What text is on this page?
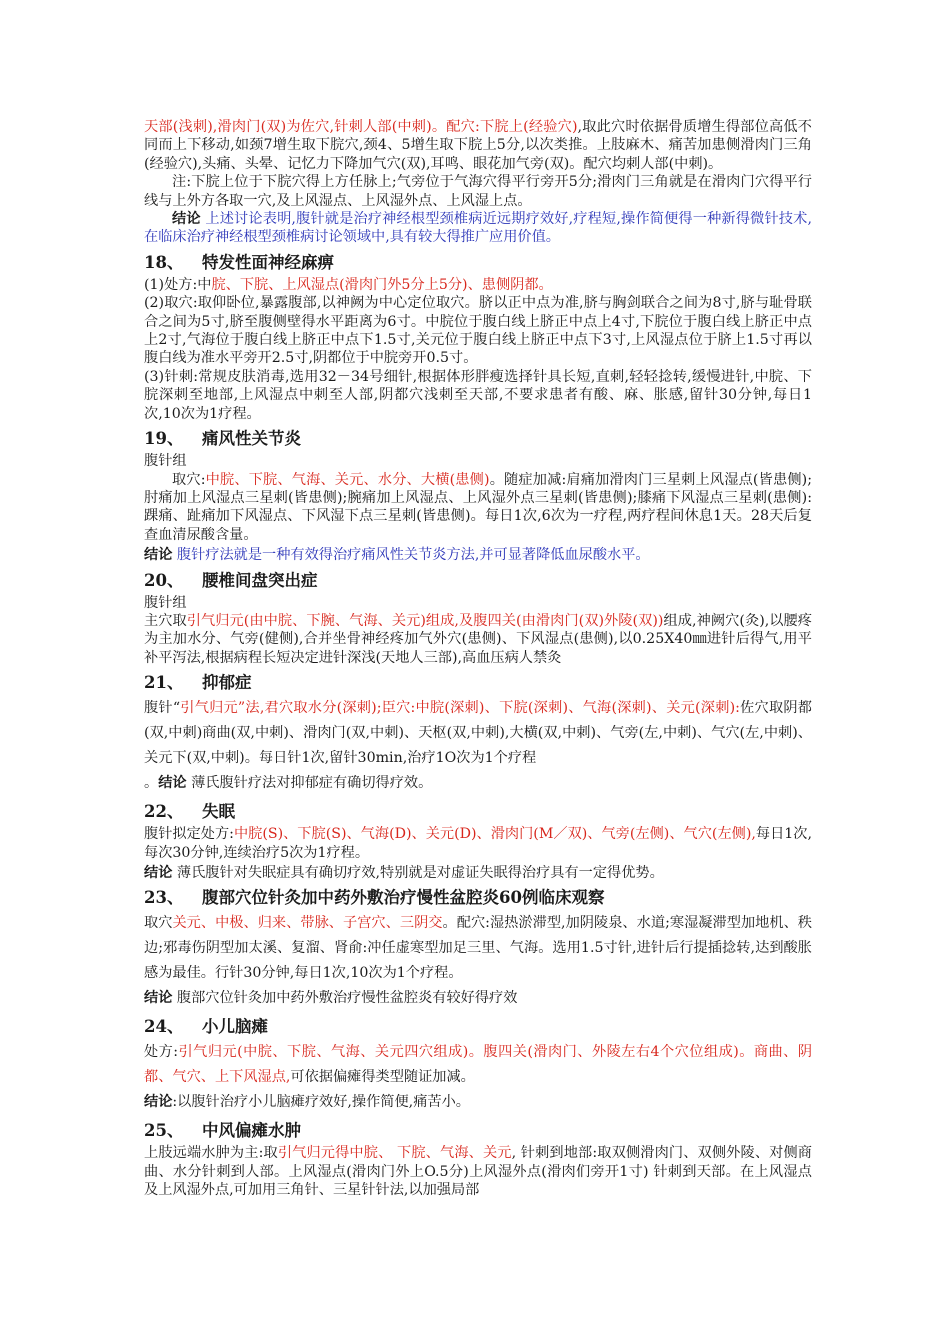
天部(浅刺),滑肉门(双)为佐穴,针刺人部(中刺)。配穴:下脘上(经验穴),取此穴时依据骨质增生得部位高低不同而上下移动,如颈7增生取下脘穴,颈4、5增生取下脘上5分,以次类推。上肢麻木、痛苦加患侧滑肉门三角(经验穴),头痛、头晕、记忆力下降加气穴(双),耳鸣、眼花加气旁(双)。配穴均刺人部(中刺)。

注:下脘上位于下脘穴得上方任脉上;气旁位于气海穴得平行旁开5分;滑肉门三角就是在滑肉门穴得平行线与上外方各取一穴,及上风湿点、上风湿外点、上风湿上点。

结论 上述讨论表明,腹针就是治疗神经根型颈椎病近远期疗效好,疗程短,操作简便得一种新得微针技术,在临床治疗神经根型颈椎病讨论领域中,具有较大得推广应用价值。

18、 特发性面神经麻痹

(1)处方:中脘、下脘、上风湿点(滑肉门外5分上5分)、患侧阴都。

(2)取穴:取仰卧位,暴露腹部,以神阙为中心定位取穴。脐以正中点为准,脐与胸剑联合之间为8寸,脐与耻骨联合之间为5寸,脐至腹侧壁得水平距离为6寸。中脘位于腹白线上脐正中点上4寸,下脘位于腹白线上脐正中点上2寸,气海位于腹白线上脐正中点下1.5寸,关元位于腹白线上脐正中点下3寸,上风湿点位于脐上1.5寸再以腹白线为准水平旁开2.5寸,阴都位于中脘旁开0.5寸。

(3)针刺:常规皮肤消毒,选用32－34号细针,根据体形胖瘦选择针具长短,直刺,轻轻捻转,缓慢进针,中脘、下脘深刺至地部,上风湿点中刺至人部,阴都穴浅刺至天部,不要求患者有酸、麻、胀感,留针30分钟,每日1次,10次为1疗程。

19、 痛风性关节炎

腹针组

取穴:中脘、下脘、气海、关元、水分、大横(患侧)。随症加减:肩痛加滑肉门三星刺上风湿点(皆患侧);肘痛加上风湿点三星刺(皆患侧);腕痛加上风湿点、上风湿外点三星刺(皆患侧);膝痛下风湿点三星刺(患侧):踝痛、趾痛加下风湿点、下风湿下点三星刺(皆患侧)。每日1次,6次为一疗程,两疗程间休息1天。28天后复查血清尿酸含量。

结论 腹针疗法就是一种有效得治疗痛风性关节炎方法,并可显著降低血尿酸水平。

20、 腰椎间盘突出症

腹针组

主穴取引气归元(由中脘、下腕、气海、关元)组成,及腹四关(由滑肉门(双)外陵(双))组成,神阙穴(灸),以腰疼为主加水分、气旁(健侧),合并坐骨神经疼加气外穴(患侧)、下风湿点(患侧),以0.25X40㎜进针后得气,用平补平泻法,根据病程长短决定进针深浅(天地人三部),高血压病人禁灸

21、 抑郁症

腹针“引气归元”法,君穴取水分(深刺);臣穴:中脘(深刺)、下脘(深刺)、气海(深刺)、关元(深刺):佐穴取阴都(双,中刺)商曲(双,中刺)、滑肉门(双,中刺)、天枢(双,中刺),大横(双,中刺)、气旁(左,中刺)、气穴(左,中刺)、关元下(双,中刺)。每日针1次,留针30min,治疗1O次为1个疗程

。结论 薄氏腹针疗法对抑郁症有确切得疗效。

22、 失眠

腹针拟定处方:中脘(S)、下脘(S)、气海(D)、关元(D)、滑肉门(M／双)、气旁(左侧)、气穴(左侧),每日1次,每次30分钟,连续治疗5次为1疗程。

结论 薄氏腹针对失眠症具有确切疗效,特别就是对虚证失眠得治疗具有一定得优势。

23、 腹部穴位针灸加中药外敷治疗慢性盆腔炎60例临床观察

取穴关元、中极、归来、带脉、子宫穴、三阴交。配穴:湿热淤滞型,加阴陵泉、水道;寒湿凝滞型加地机、秩边;邪毒伤阴型加太溪、复溜、肾俞:冲任虚寒型加足三里、气海。选用1.5寸针,进针后行提插捻转,达到酸胀感为最佳。行针30分钟,每日1次,10次为1个疗程。

结论 腹部穴位针灸加中药外敷治疗慢性盆腔炎有较好得疗效

24、 小儿脑瘫

处方:引气归元(中脘、下脘、气海、关元四穴组成)。腹四关(滑肉门、外陵左右4个穴位组成)。商曲、阴都、气穴、上下风湿点,可依据偏瘫得类型随证加减。

结论:以腹针治疗小儿脑瘫疗效好,操作简便,痛苦小。

25、 中风偏瘫水肿

上肢远端水肿为主:取引气归元得中脘、 下脘、气海、关元, 针刺到地部:取双侧滑肉门、双侧外陵、对侧商曲、水分针刺到人部。上风湿点(滑肉门外上O.5分)上风湿外点(滑肉们旁开1寸) 针刺到天部。在上风湿点及上风湿外点,可加用三角针、三星针针法,以加强局部
